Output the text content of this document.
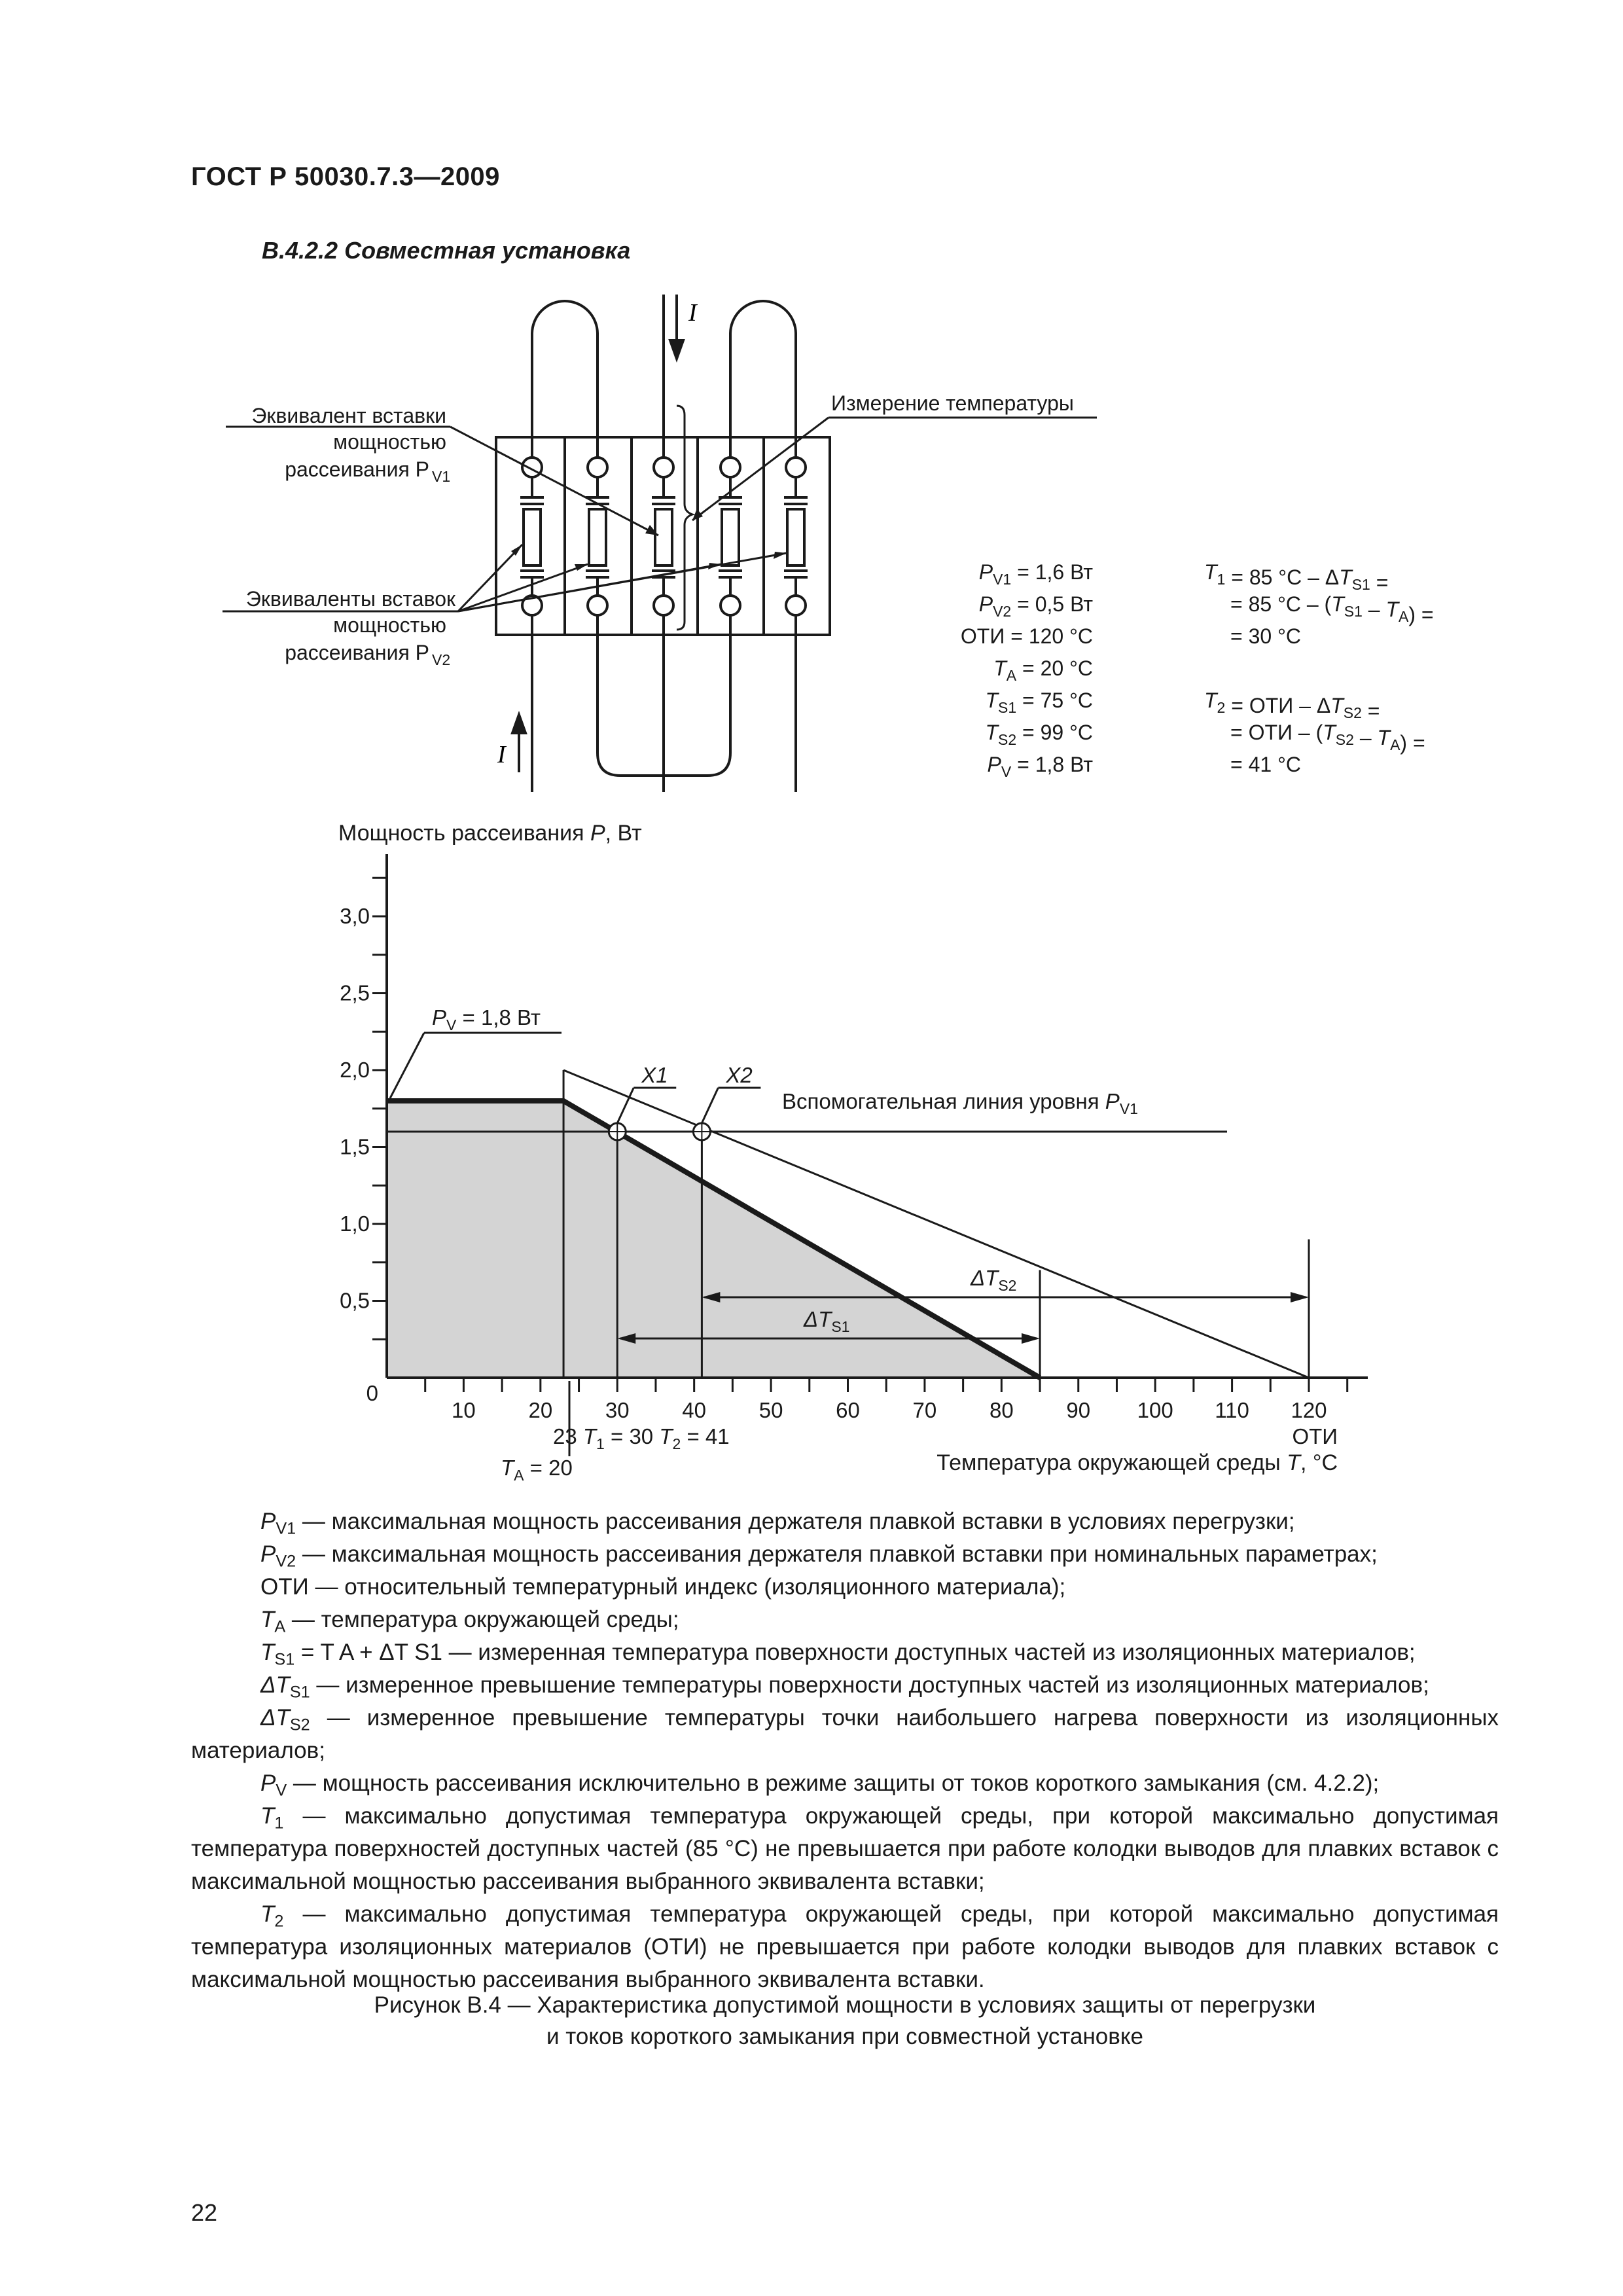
ГОСТ Р 50030.7.3—2009
В.4.2.2 Совместная установка
I
I
Эквивалент вставки
мощностью
рассеивания P V1
Измерение температуры
Эквиваленты вставок
мощностью
рассеивания P V2
$P_{V1} = 1,6$ Вт
$P_{V2} = 0,5$ Вт
ОТИ = 120 °С
$T_A = 20$ °С
$T_{S1} = 75$ °С
$T_{S2} = 99$ °С
$P_V = 1,8$ Вт
$T_1 = 85$ $^\circ С - \Delta T_{S1}$ =
= 85 $^\circ С - (T_{S1} - T_A)$ =
= 30 °С
$T_2$ = ОТИ – $\Delta T_{S2}$ =
= ОТИ – $(T_{S2} - T_A)$ =
= 41 °С
0,5
1,0
1,5
2,0
2,5
3,0
0
10 20 30 40 50 60 70 80 90 100 110 120
Мощность рассеивания P, Вт
Температура окружающей среды T, °С
Вспомогательная линия уровня $P_{V1}$
X1	X2
$P_V = 1,8$ Вт
$\Delta T_{S2}$
$\Delta T_{S1}$
23 $T_1 = 30$ $T_2 = 41$
$T_A = 20$
ОТИ

$P_{V1}$ — максимальная мощность рассеивания держателя плавкой вставки в условиях перегрузки;

$P_{V2}$ — максимальная мощность рассеивания держателя плавкой вставки при номинальных параметрах;

ОТИ — относительный температурный индекс (изоляционного материала);

$T_A$ — температура окружающей среды;

$T_{S1} = T$ A + ΔT S1 — измеренная температура поверхности доступных частей из изоляционных материалов;

$\Delta T_{S1}$ — измеренное превышение температуры поверхности доступных частей из изоляционных материалов;

$\Delta T_{S2}$ — измеренное превышение температуры точки наибольшего нагрева поверхности из изоляционных материалов;

$P_V$ — мощность рассеивания исключительно в режиме защиты от токов короткого замыкания (см. 4.2.2);

$T_1$ — максимально допустимая температура окружающей среды, при которой максимально допустимая температура поверхностей доступных частей (85 °С) не превышается при работе колодки выводов для плавких вставок с максимальной мощностью рассеивания выбранного эквивалента вставки;

$T_2$ — максимально допустимая температура окружающей среды, при которой максимально допустимая температура изоляционных материалов (ОТИ) не превышается при работе колодки выводов для плавких вставок с максимальной мощностью рассеивания выбранного эквивалента вставки.

Рисунок В.4 — Характеристика допустимой мощности в условиях защиты от перегрузки
и токов короткого замыкания при совместной установке
22
